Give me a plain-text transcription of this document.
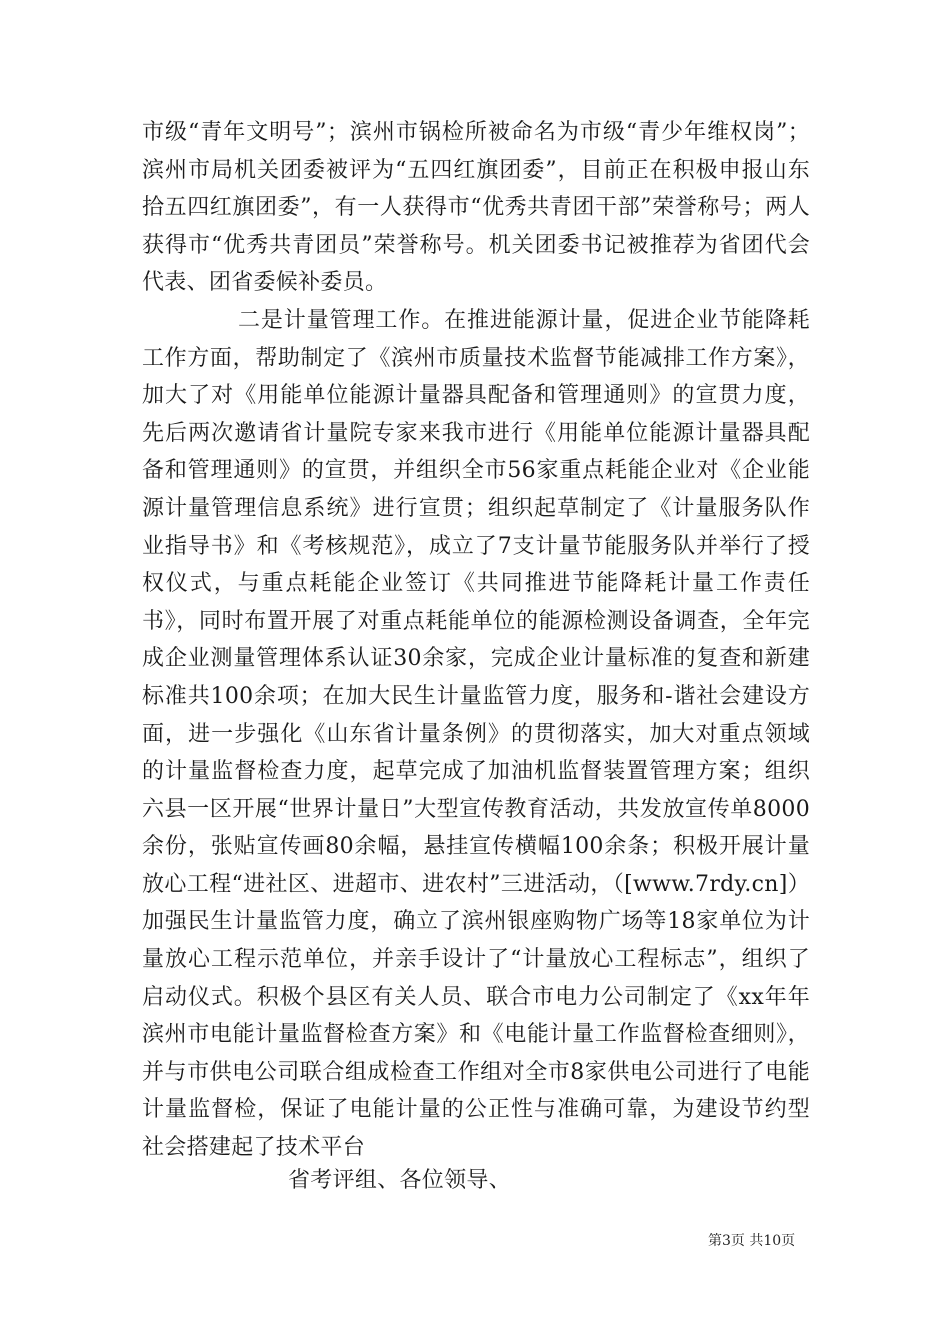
市级“青年文明号”；滨州市锅检所被命名为市级“青少年维权岗”；滨州市局机关团委被评为“五四红旗团委”，目前正在积极申报山东拾五四红旗团委”，有一人获得市“优秀共青团干部”荣誉称号；两人获得市“优秀共青团员”荣誉称号。机关团委书记被推荐为省团代会代表、团省委候补委员。

二是计量管理工作。在推进能源计量，促进企业节能降耗工作方面，帮助制定了《滨州市质量技术监督节能减排工作方案》，加大了对《用能单位能源计量器具配备和管理通则》的宣贯力度，先后两次邀请省计量院专家来我市进行《用能单位能源计量器具配备和管理通则》的宣贯，并组织全市56家重点耗能企业对《企业能源计量管理信息系统》进行宣贯；组织起草制定了《计量服务队作业指导书》和《考核规范》，成立了7支计量节能服务队并举行了授权仪式，与重点耗能企业签订《共同推进节能降耗计量工作责任书》，同时布置开展了对重点耗能单位的能源检测设备调查，全年完成企业测量管理体系认证30余家，完成企业计量标准的复查和新建标准共100余项；在加大民生计量监管力度，服务和-谐社会建设方面，进一步强化《山东省计量条例》的贯彻落实，加大对重点领域的计量监督检查力度，起草完成了加油机监督装置管理方案；组织六县一区开展“世界计量日”大型宣传教育活动，共发放宣传单8000余份，张贴宣传画80余幅，悬挂宣传横幅100余条；积极开展计量放心工程“进社区、进超市、进农村”三进活动，（[www.7rdy.cn]）加强民生计量监管力度，确立了滨州银座购物广场等18家单位为计量放心工程示范单位，并亲手设计了“计量放心工程标志”，组织了启动仪式。积极个县区有关人员、联合市电力公司制定了《xx年年滨州市电能计量监督检查方案》和《电能计量工作监督检查细则》，并与市供电公司联合组成检查工作组对全市8家供电公司进行了电能计量监督检，保证了电能计量的公正性与准确可靠，为建设节约型社会搭建起了技术平台

省考评组、各位领导、
第3页 共10页
